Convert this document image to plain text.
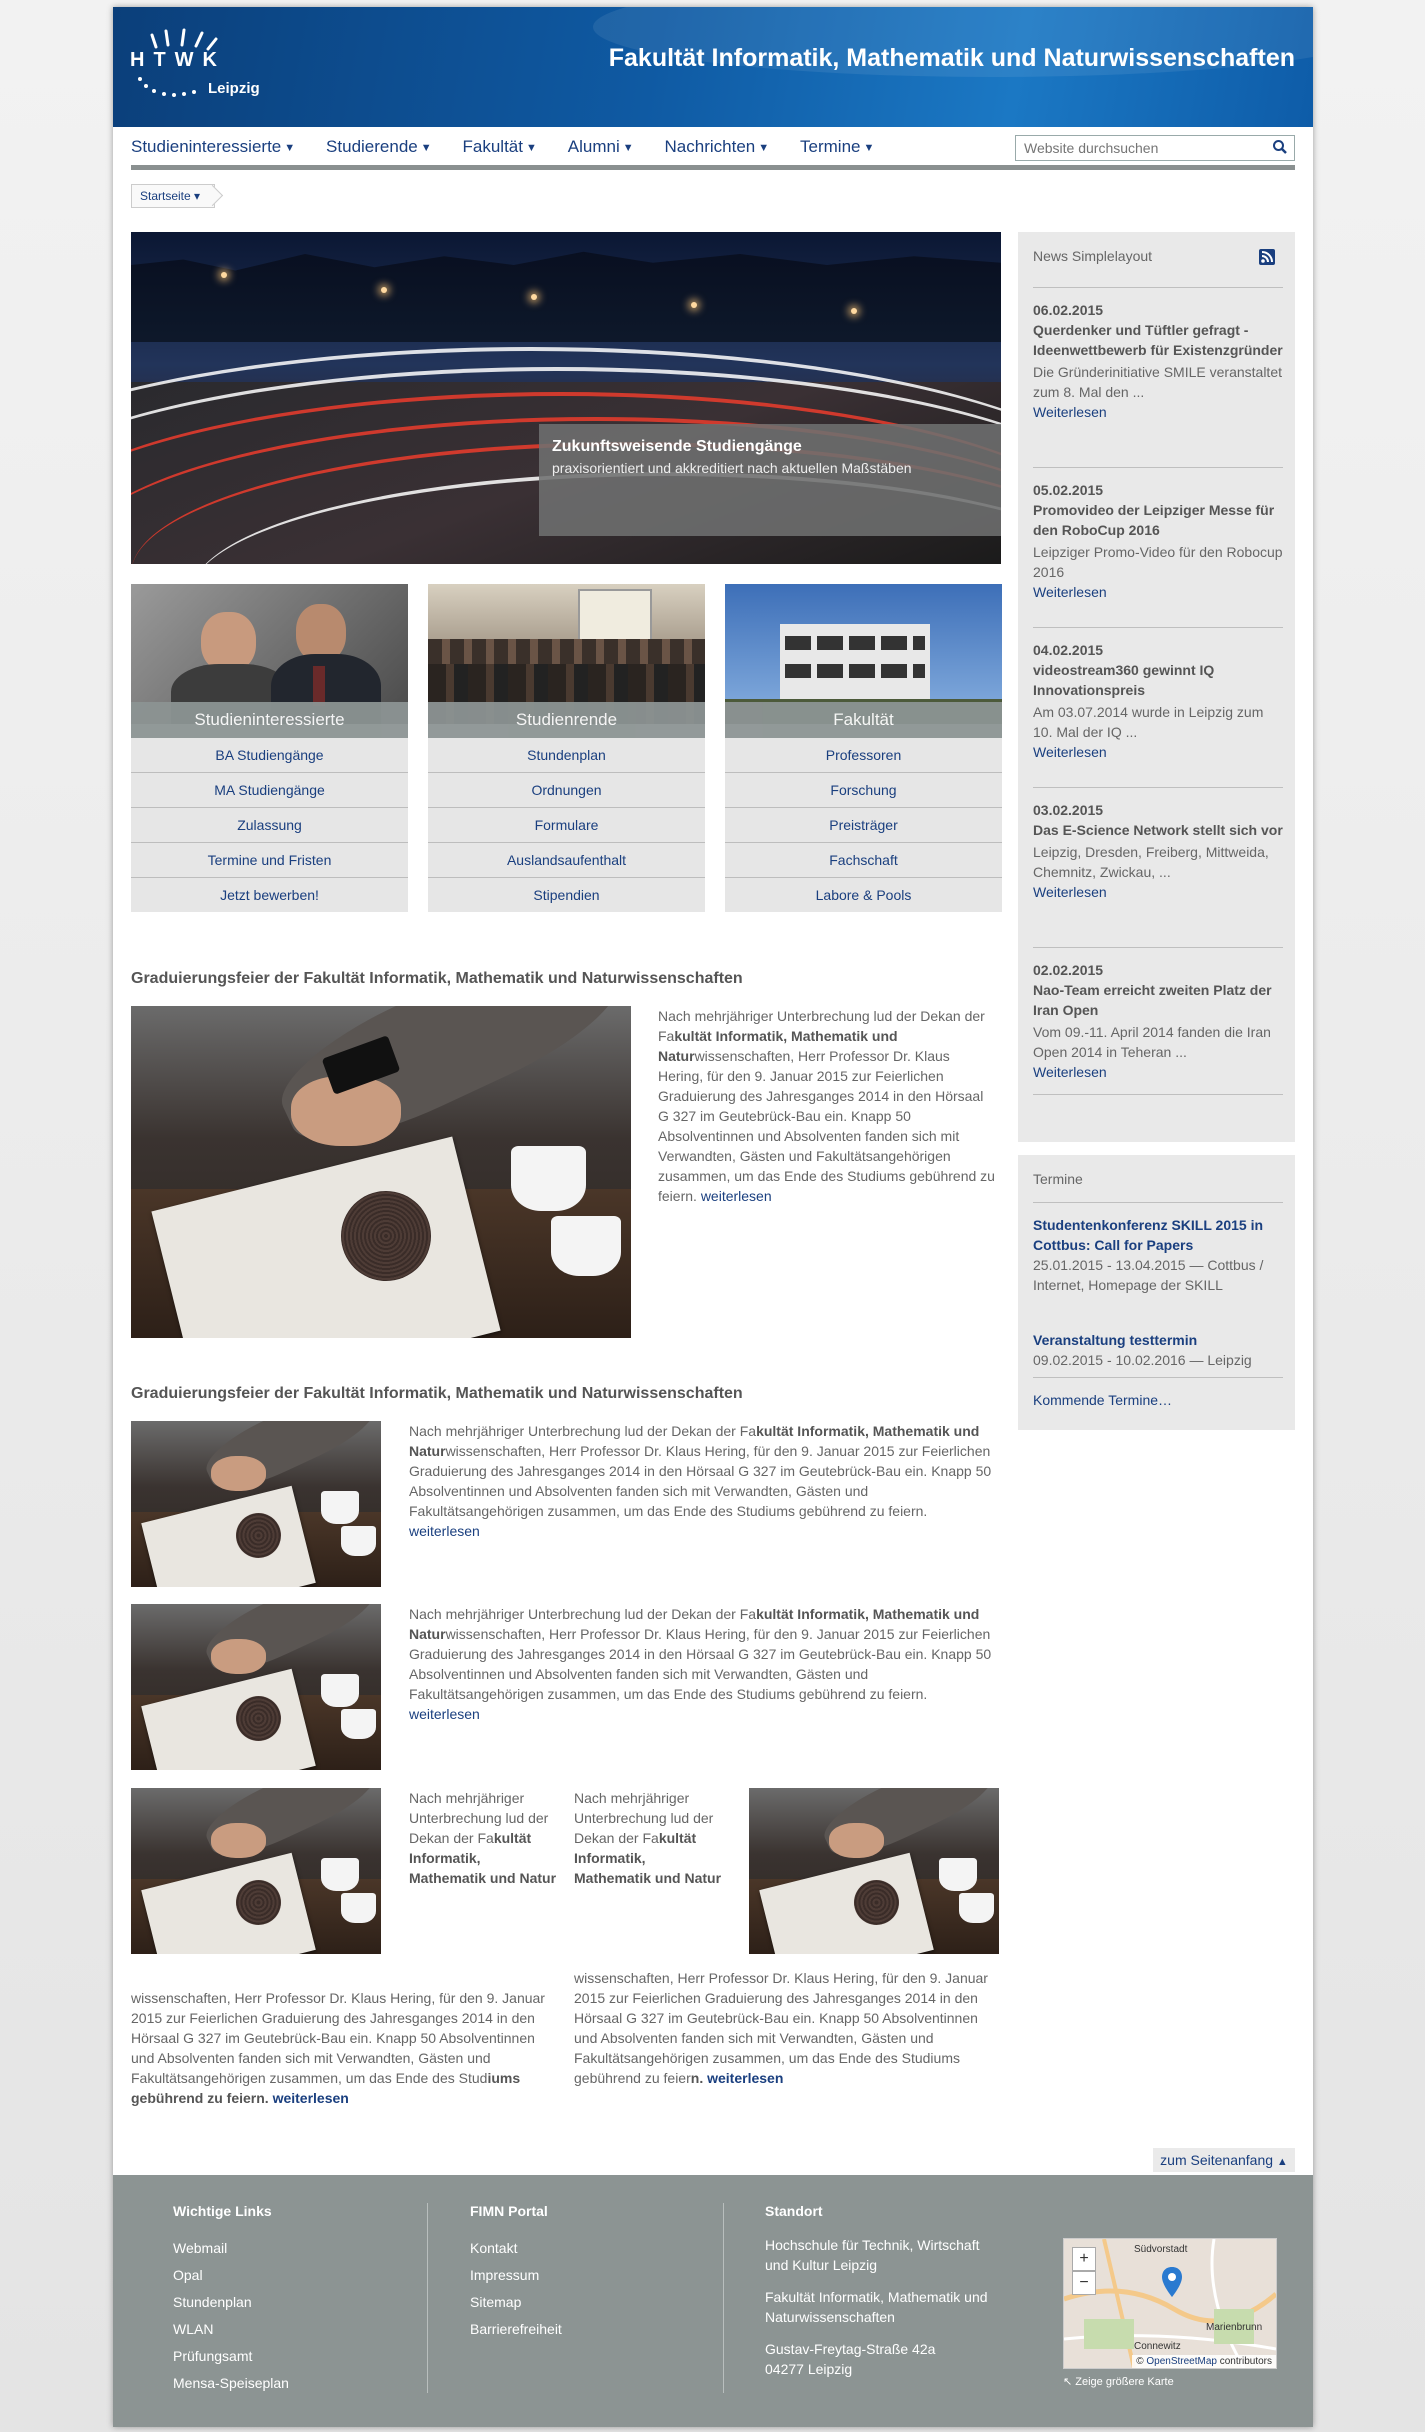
HTWK
Leipzig
Fakultät Informatik, Mathematik und Naturwissenschaften
Studieninteressierte ▼ Studierende ▼ Fakultät ▼ Alumni ▼ Nachrichten ▼ Termine ▼
Website durchsuchen
Startseite ▾
Zukunftsweisende Studiengänge
praxisorientiert und akkreditiert nach aktuellen Maßstäben
Studieninteressierte
BA Studiengänge
MA Studiengänge
Zulassung
Termine und Fristen
Jetzt bewerben!
Studienrende
Stundenplan
Ordnungen
Formulare
Auslandsaufenthalt
Stipendien
Fakultät
Professoren
Forschung
Preisträger
Fachschaft
Labore & Pools
Graduierungsfeier der Fakultät Informatik, Mathematik und Naturwissenschaften
Nach mehrjähriger Unterbrechung lud der Dekan der Fakultät Informatik, Mathematik und Naturwissenschaften, Herr Professor Dr. Klaus Hering, für den 9. Januar 2015 zur Feierlichen Graduierung des Jahresganges 2014 in den Hörsaal G 327 im Geutebrück-Bau ein. Knapp 50 Absolventinnen und Absolventen fanden sich mit Verwandten, Gästen und Fakultätsangehörigen zusammen, um das Ende des Studiums gebührend zu feiern. weiterlesen
Graduierungsfeier der Fakultät Informatik, Mathematik und Naturwissenschaften
Nach mehrjähriger Unterbrechung lud der Dekan der Fakultät Informatik, Mathematik und Naturwissenschaften, Herr Professor Dr. Klaus Hering, für den 9. Januar 2015 zur Feierlichen Graduierung des Jahresganges 2014 in den Hörsaal G 327 im Geutebrück-Bau ein. Knapp 50 Absolventinnen und Absolventen fanden sich mit Verwandten, Gästen und Fakultätsangehörigen zusammen, um das Ende des Studiums gebührend zu feiern. weiterlesen
Nach mehrjähriger Unterbrechung lud der Dekan der Fakultät Informatik, Mathematik und Naturwissenschaften, Herr Professor Dr. Klaus Hering, für den 9. Januar 2015 zur Feierlichen Graduierung des Jahresganges 2014 in den Hörsaal G 327 im Geutebrück-Bau ein. Knapp 50 Absolventinnen und Absolventen fanden sich mit Verwandten, Gästen und Fakultätsangehörigen zusammen, um das Ende des Studiums gebührend zu feiern. weiterlesen
Nach mehrjähriger Unterbrechung lud der Dekan der Fakultät Informatik, Mathematik und Natur
wissenschaften, Herr Professor Dr. Klaus Hering, für den 9. Januar 2015 zur Feierlichen Graduierung des Jahresganges 2014 in den Hörsaal G 327 im Geutebrück-Bau ein. Knapp 50 Absolventinnen und Absolventen fanden sich mit Verwandten, Gästen und Fakultätsangehörigen zusammen, um das Ende des Studiums gebührend zu feiern. weiterlesen
Nach mehrjähriger Unterbrechung lud der Dekan der Fakultät Informatik, Mathematik und Natur
wissenschaften, Herr Professor Dr. Klaus Hering, für den 9. Januar 2015 zur Feierlichen Graduierung des Jahresganges 2014 in den Hörsaal G 327 im Geutebrück-Bau ein. Knapp 50 Absolventinnen und Absolventen fanden sich mit Verwandten, Gästen und Fakultätsangehörigen zusammen, um das Ende des Studiums gebührend zu feiern. weiterlesen
News Simplelayout
06.02.2015
Querdenker und Tüftler gefragt - Ideenwettbewerb für Existenzgründer
Die Gründerinitiative SMILE veranstaltet zum 8. Mal den ...
Weiterlesen
05.02.2015
Promovideo der Leipziger Messe für den RoboCup 2016
Leipziger Promo-Video für den Robocup 2016
Weiterlesen
04.02.2015
videostream360 gewinnt IQ Innovationspreis
Am 03.07.2014 wurde in Leipzig zum 10. Mal der IQ ...
Weiterlesen
03.02.2015
Das E-Science Network stellt sich vor
Leipzig, Dresden, Freiberg, Mittweida, Chemnitz, Zwickau, ...
Weiterlesen
02.02.2015
Nao-Team erreicht zweiten Platz der Iran Open
Vom 09.-11. April 2014 fanden die Iran Open 2014 in Teheran ...
Weiterlesen
Termine
Studentenkonferenz SKILL 2015 in Cottbus: Call for Papers
25.01.2015 - 13.04.2015 — Cottbus / Internet, Homepage der SKILL
Veranstaltung testtermin
09.02.2015 - 10.02.2016 — Leipzig
Kommende Termine…
zum Seitenanfang ▲
Wichtige Links
Webmail
Opal
Stundenplan
WLAN
Prüfungsamt
Mensa-Speiseplan
FIMN Portal
Kontakt
Impressum
Sitemap
Barrierefreiheit
Standort
Hochschule für Technik, Wirtschaft und Kultur Leipzig
Fakultät Informatik, Mathematik und Naturwissenschaften
Gustav-Freytag-Straße 42a
04277 Leipzig
Südvorstadt
Marienbrunn
Connewitz
+
−
© OpenStreetMap contributors
↖ Zeige größere Karte
